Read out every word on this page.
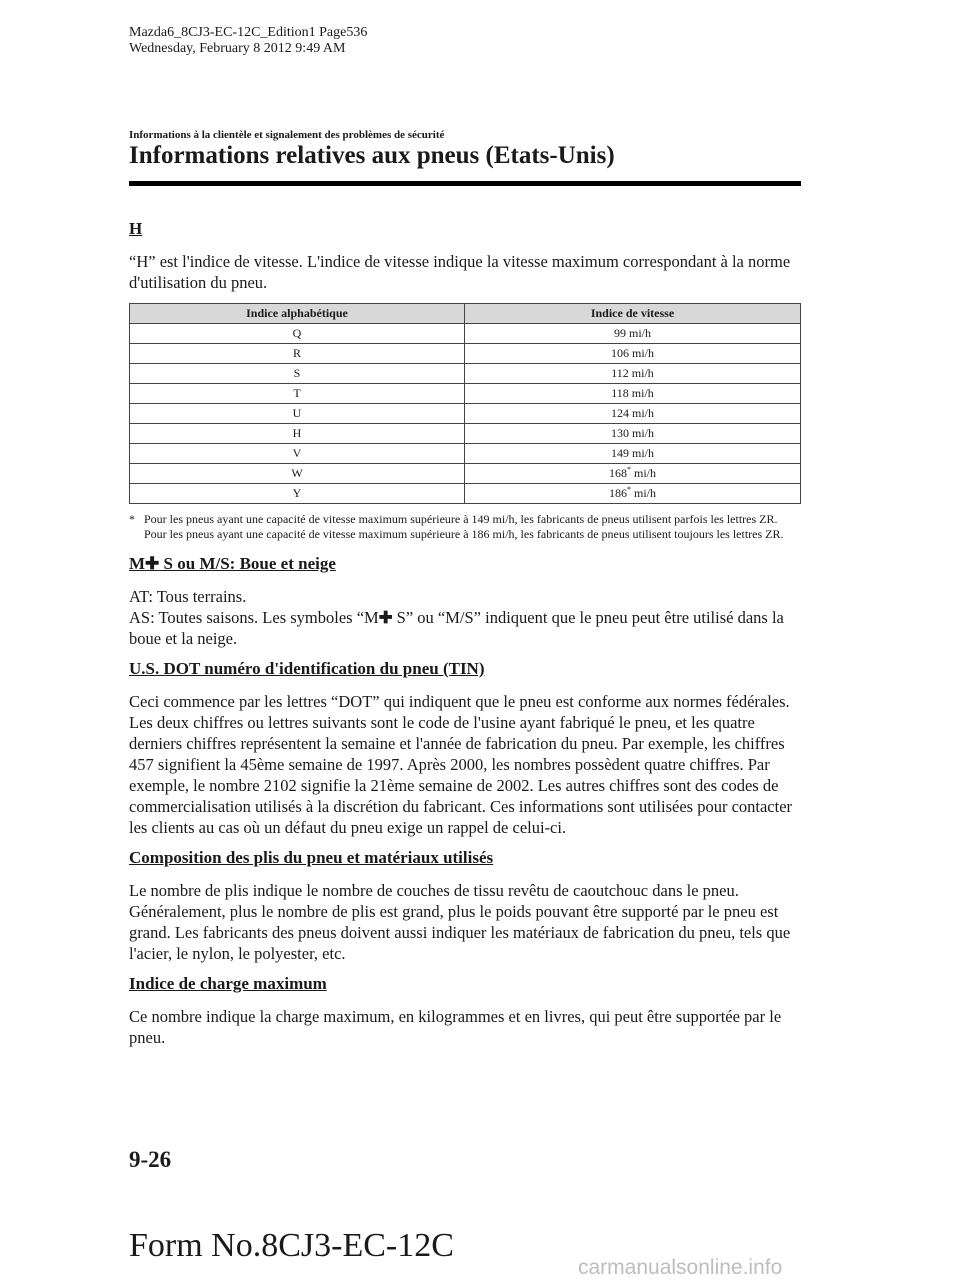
Mazda6_8CJ3-EC-12C_Edition1 Page536
Wednesday, February 8 2012 9:49 AM
Informations à la clientèle et signalement des problèmes de sécurité
Informations relatives aux pneus (Etats-Unis)
H

“H” est l'indice de vitesse. L'indice de vitesse indique la vitesse maximum correspondant à la norme d'utilisation du pneu.

Indice alphabétique	Indice de vitesse
Q	99 mi/h
R	106 mi/h
S	112 mi/h
T	118 mi/h
U	124 mi/h
H	130 mi/h
V	149 mi/h
W	168* mi/h
Y	186* mi/h
* Pour les pneus ayant une capacité de vitesse maximum supérieure à 149 mi/h, les fabricants de pneus utilisent parfois les lettres ZR. Pour les pneus ayant une capacité de vitesse maximum supérieure à 186 mi/h, les fabricants de pneus utilisent toujours les lettres ZR.
M✚ S ou M/S: Boue et neige

AT: Tous terrains.
AS: Toutes saisons. Les symboles “M✚ S” ou “M/S” indiquent que le pneu peut être utilisé dans la boue et la neige.

U.S. DOT numéro d'identification du pneu (TIN)

Ceci commence par les lettres “DOT” qui indiquent que le pneu est conforme aux normes fédérales. Les deux chiffres ou lettres suivants sont le code de l'usine ayant fabriqué le pneu, et les quatre derniers chiffres représentent la semaine et l'année de fabrication du pneu. Par exemple, les chiffres 457 signifient la 45ème semaine de 1997. Après 2000, les nombres possèdent quatre chiffres. Par exemple, le nombre 2102 signifie la 21ème semaine de 2002. Les autres chiffres sont des codes de commercialisation utilisés à la discrétion du fabricant. Ces informations sont utilisées pour contacter les clients au cas où un défaut du pneu exige un rappel de celui-ci.

Composition des plis du pneu et matériaux utilisés

Le nombre de plis indique le nombre de couches de tissu revêtu de caoutchouc dans le pneu. Généralement, plus le nombre de plis est grand, plus le poids pouvant être supporté par le pneu est grand. Les fabricants des pneus doivent aussi indiquer les matériaux de fabrication du pneu, tels que l'acier, le nylon, le polyester, etc.

Indice de charge maximum

Ce nombre indique la charge maximum, en kilogrammes et en livres, qui peut être supportée par le pneu.

9-26
Form No.8CJ3-EC-12C
carmanualsonline.info
